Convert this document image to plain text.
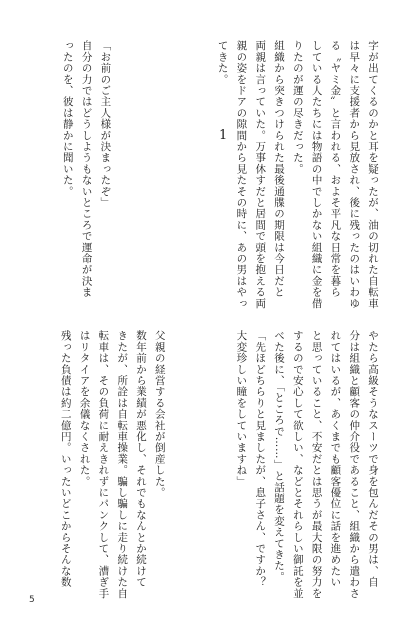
字が出てくるのかと耳を疑ったが、油の切れた自転車
は早々に支援者から見放され、後に残ったのはいわゆ
る〝ヤミ金〟と言われる、およそ平凡な日常を暮ら
している人たちには物語の中でしかない組織に金を借
りたのが運の尽きだった。
組織から突きつけられた最後通牒の期限は今日だと
両親は言っていた。万事休すだと居間で頭を抱える両
親の姿をドアの隙間から見たその時に、あの男はやっ
てきた。
やたら高級そうなスーツで身を包んだその男は、自
分は組織と顧客の仲介役であること、組織から遣わさ
れてはいるが、あくまでも顧客優位に話を進めたい
と思っていること、不安だとは思うが最大限の努力を
するので安心して欲しい、などとそれらしい御託を並
べた後に、「ところで……」と話題を変えてきた。
「先ほどちらりと見ましたが、息子さん、ですか？
大変珍しい瞳をしていますね」
1
「お前のご主人様が決まったぞ」
自分の力ではどうしようもないところで運命が決ま
ったのを、彼は静かに聞いた。
父親の経営する会社が倒産した。
数年前から業績が悪化し、それでもなんとか続けて
きたが、所詮は自転車操業。騙し騙しに走り続けた自
転車は、その負荷に耐えきれずにパンクして、漕ぎ手
はリタイアを余儀なくされた。
残った負債は約二億円。いったいどこからそんな数
5
